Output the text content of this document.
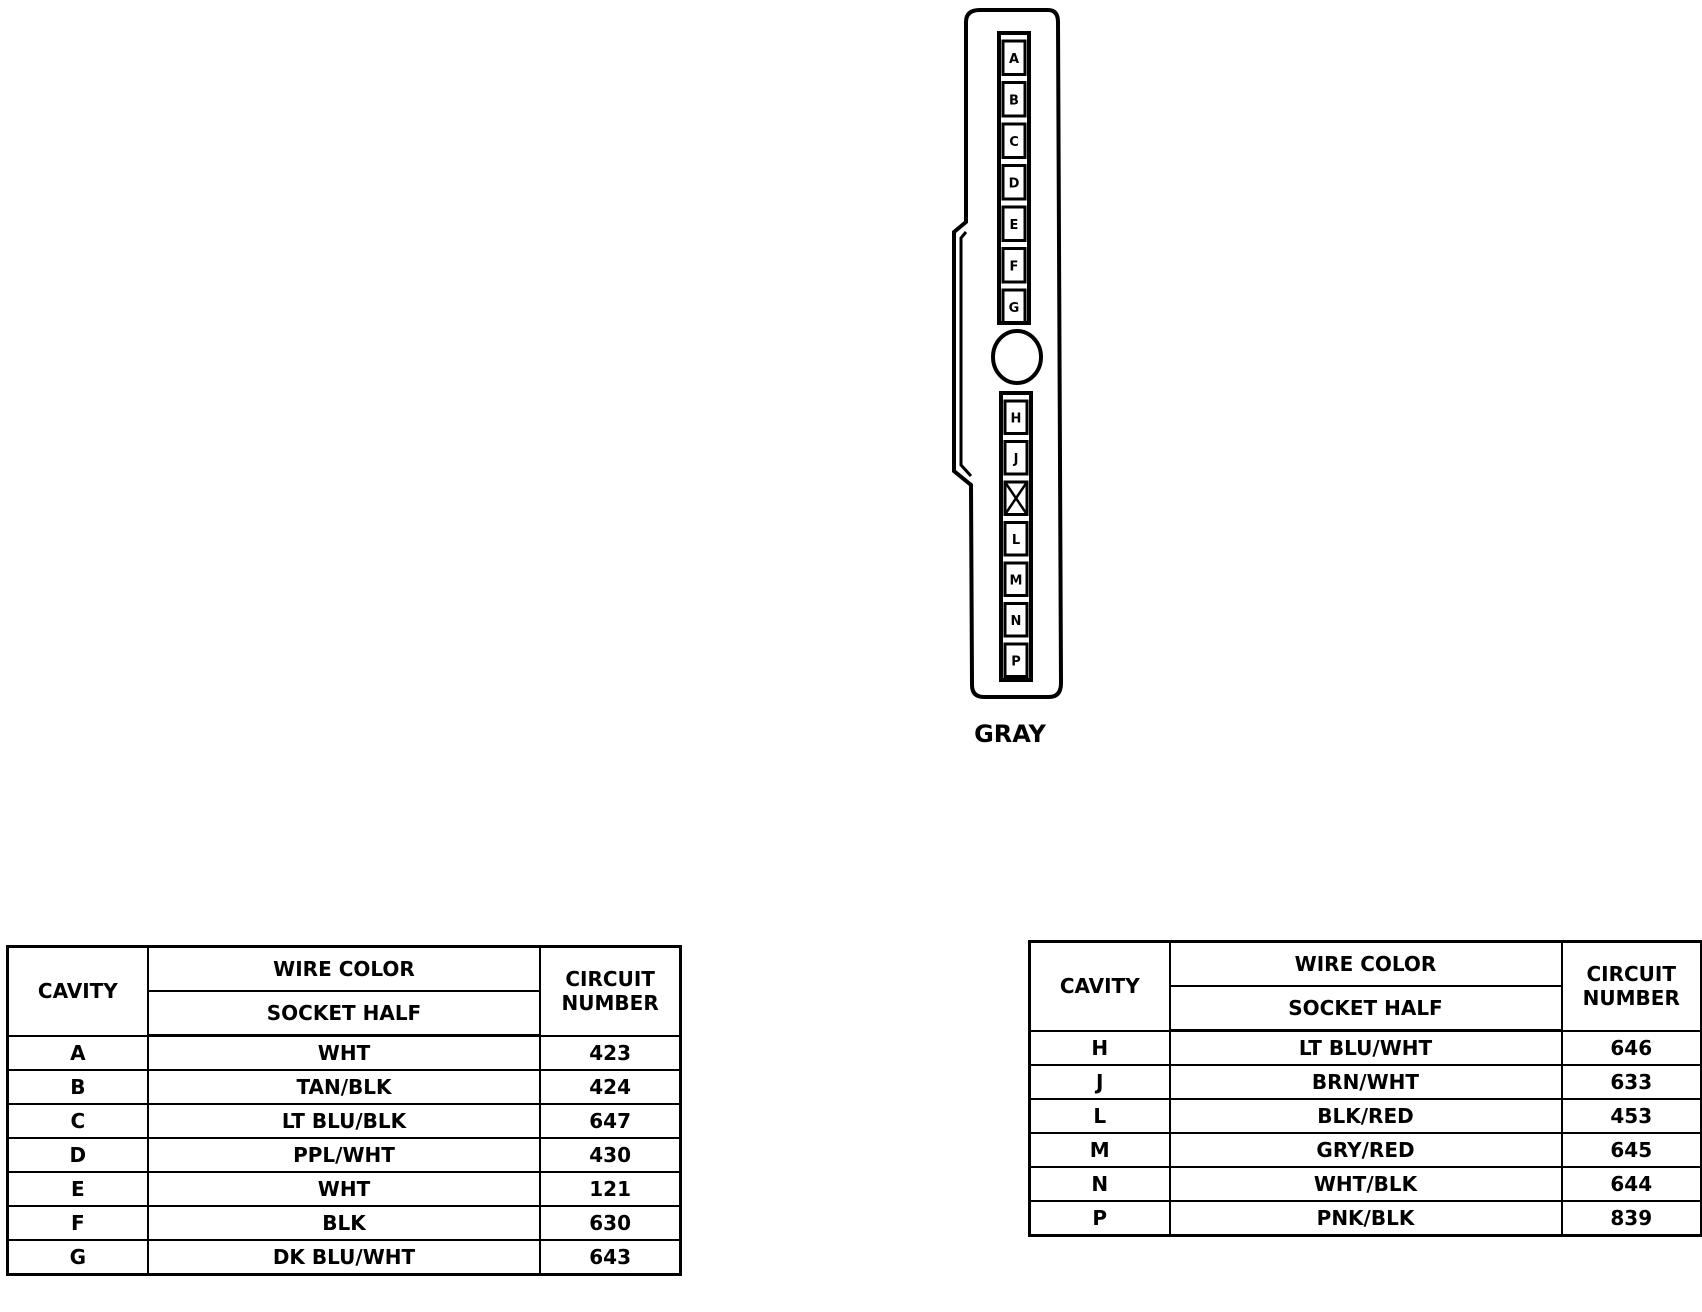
A
B
C
D
E
F
G
H
J
L
M
N
P
GRAY
CAVITY	WIRE COLOR	CIRCUIT
NUMBER
	SOCKET HALF	
A	WHT	423
B	TAN/BLK	424
C	LT BLU/BLK	647
D	PPL/WHT	430
E	WHT	121
F	BLK	630
G	DK BLU/WHT	643
CAVITY	WIRE COLOR	CIRCUIT
NUMBER
	SOCKET HALF	
H	LT BLU/WHT	646
J	BRN/WHT	633
L	BLK/RED	453
M	GRY/RED	645
N	WHT/BLK	644
P	PNK/BLK	839
